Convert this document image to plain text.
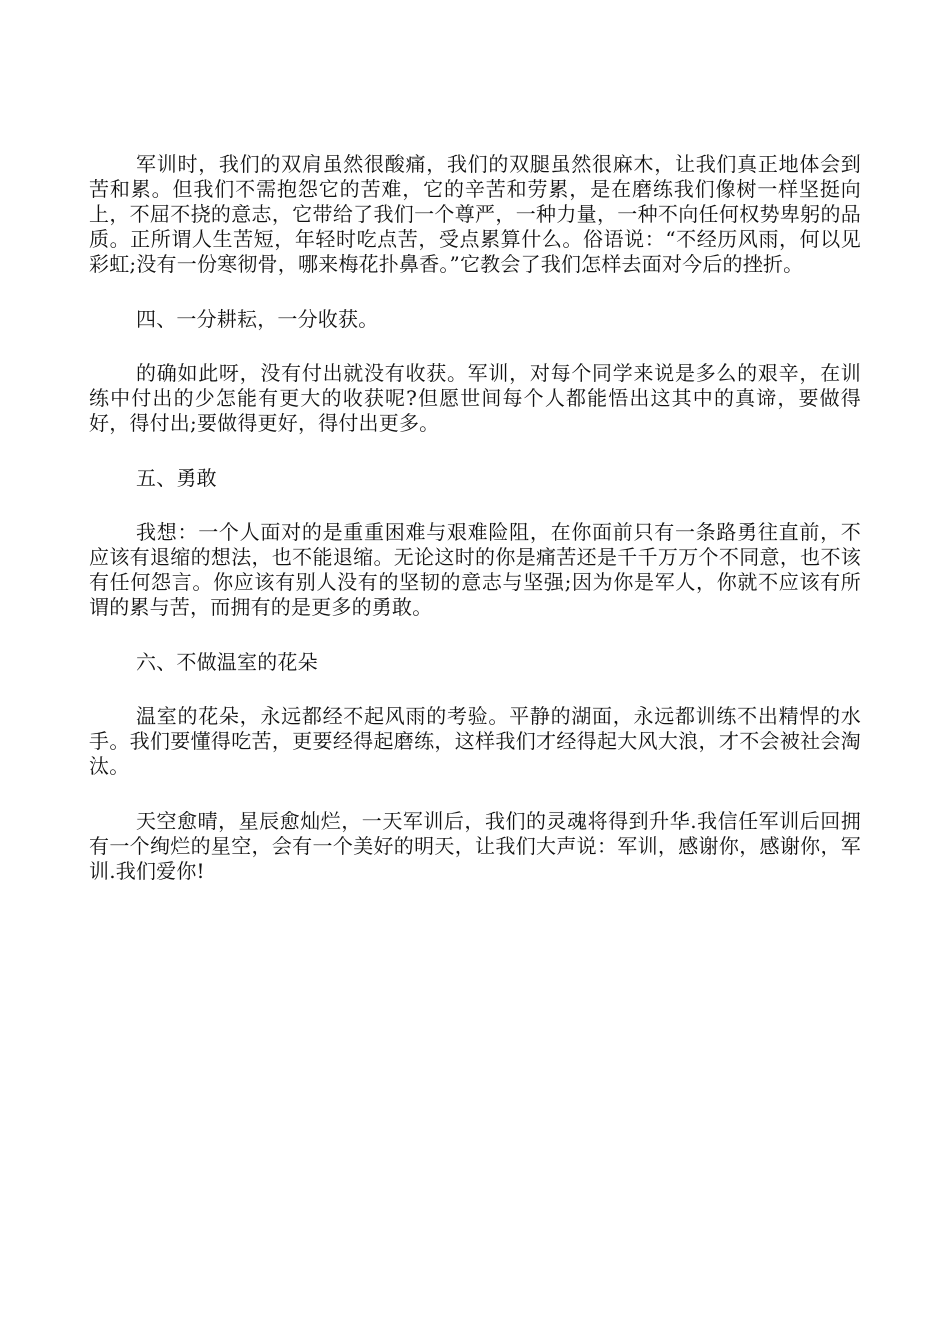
军训时，我们的双肩虽然很酸痛，我们的双腿虽然很麻木，让我们真正地体会到苦和累。但我们不需抱怨它的苦难，它的辛苦和劳累，是在磨练我们像树一样坚挺向上，不屈不挠的意志，它带给了我们一个尊严，一种力量，一种不向任何权势卑躬的品质。正所谓人生苦短，年轻时吃点苦，受点累算什么。俗语说：“不经历风雨，何以见彩虹;没有一份寒彻骨，哪来梅花扑鼻香。”它教会了我们怎样去面对今后的挫折。

四、一分耕耘，一分收获。

的确如此呀，没有付出就没有收获。军训，对每个同学来说是多么的艰辛，在训练中付出的少怎能有更大的收获呢?但愿世间每个人都能悟出这其中的真谛，要做得好，得付出;要做得更好，得付出更多。

五、勇敢

我想：一个人面对的是重重困难与艰难险阻，在你面前只有一条路勇往直前，不应该有退缩的想法，也不能退缩。无论这时的你是痛苦还是千千万万个不同意，也不该有任何怨言。你应该有别人没有的坚韧的意志与坚强;因为你是军人，你就不应该有所谓的累与苦，而拥有的是更多的勇敢。

六、不做温室的花朵

温室的花朵，永远都经不起风雨的考验。平静的湖面，永远都训练不出精悍的水手。我们要懂得吃苦，更要经得起磨练，这样我们才经得起大风大浪，才不会被社会淘汰。

天空愈晴，星辰愈灿烂，一天军训后，我们的灵魂将得到升华.我信任军训后回拥有一个绚烂的星空，会有一个美好的明天，让我们大声说：军训，感谢你，感谢你，军训.我们爱你!
